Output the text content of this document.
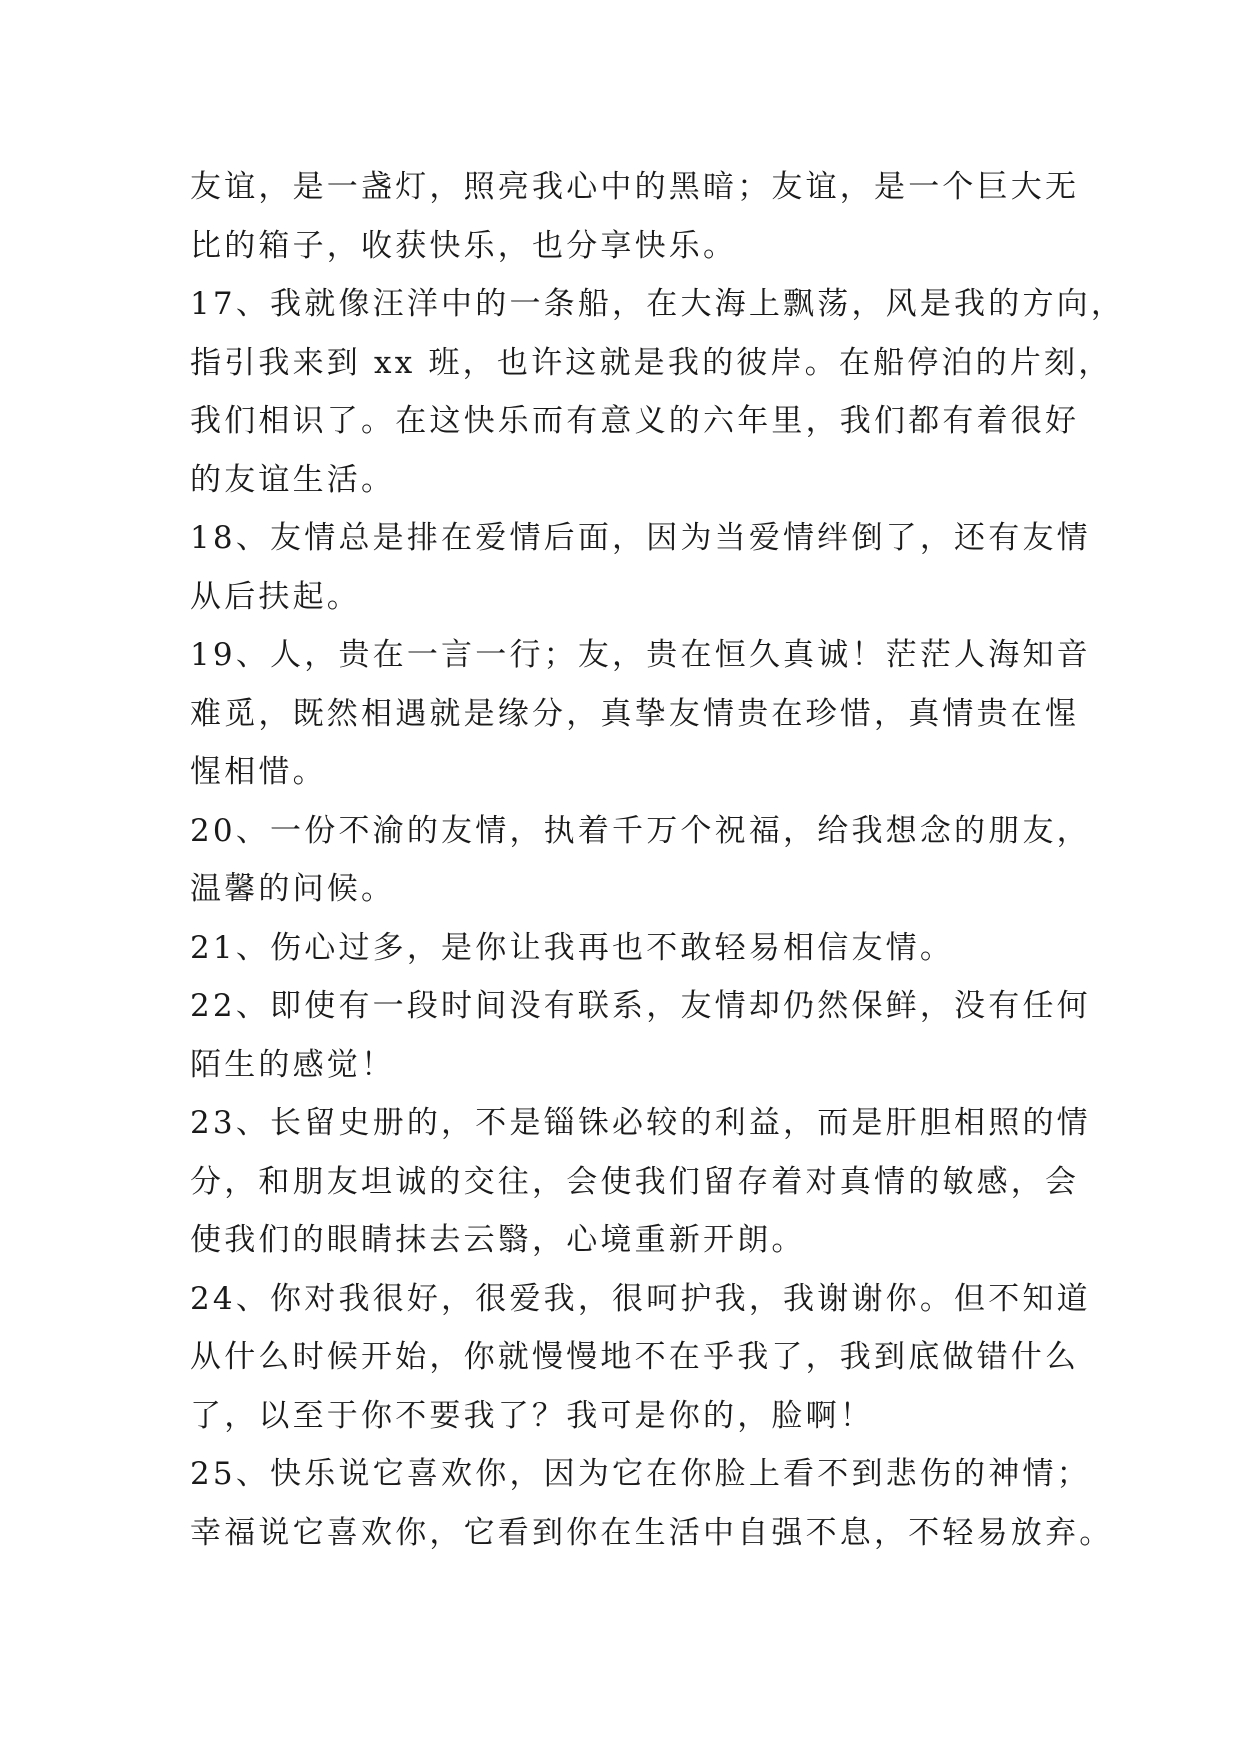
友谊，是一盏灯，照亮我心中的黑暗；友谊，是一个巨大无
比的箱子，收获快乐，也分享快乐。
17、我就像汪洋中的一条船，在大海上飘荡，风是我的方向，
指引我来到 xx 班，也许这就是我的彼岸。在船停泊的片刻，
我们相识了。在这快乐而有意义的六年里，我们都有着很好
的友谊生活。
18、友情总是排在爱情后面，因为当爱情绊倒了，还有友情
从后扶起。
19、人，贵在一言一行；友，贵在恒久真诚！茫茫人海知音
难觅，既然相遇就是缘分，真挚友情贵在珍惜，真情贵在惺
惺相惜。
20、一份不渝的友情，执着千万个祝福，给我想念的朋友，
温馨的问候。
21、伤心过多，是你让我再也不敢轻易相信友情。
22、即使有一段时间没有联系，友情却仍然保鲜，没有任何
陌生的感觉！
23、长留史册的，不是锱铢必较的利益，而是肝胆相照的情
分，和朋友坦诚的交往，会使我们留存着对真情的敏感，会
使我们的眼睛抹去云翳，心境重新开朗。
24、你对我很好，很爱我，很呵护我，我谢谢你。但不知道
从什么时候开始，你就慢慢地不在乎我了，我到底做错什么
了，以至于你不要我了？我可是你的，脸啊！
25、快乐说它喜欢你，因为它在你脸上看不到悲伤的神情；
幸福说它喜欢你，它看到你在生活中自强不息，不轻易放弃。
